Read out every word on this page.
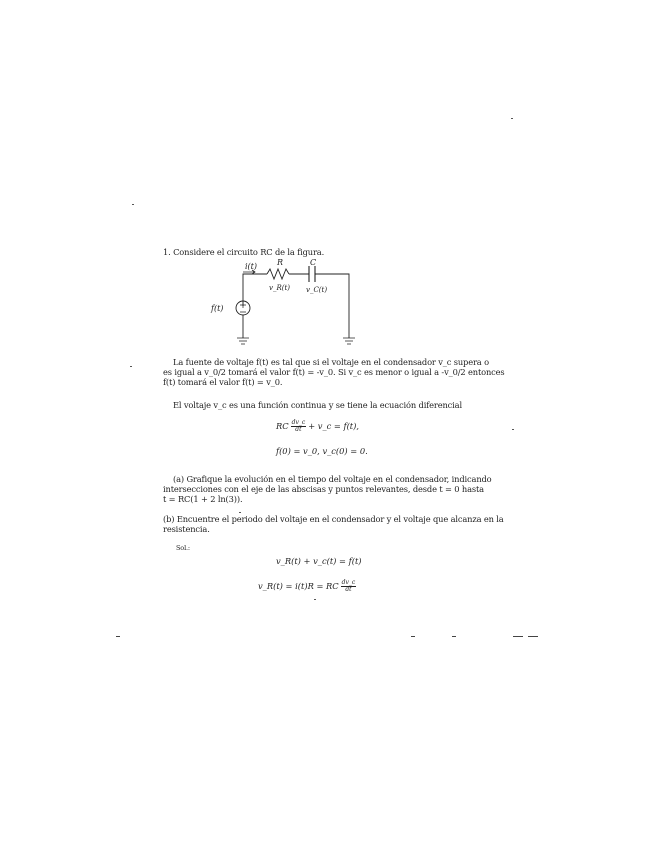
1. Considere el circuito RC de la figura.
i(t) R	C
v_R(t) v_C(t)
f(t)
La fuente de voltaje f(t) es tal que si el voltaje en el condensador v_c supera o
es igual a v_0/2 tomará el valor f(t) = -v_0. Si v_c es menor o igual a -v_0/2 entonces
f(t) tomará el valor f(t) = v_0.
El voltaje v_c es una función continua y se tiene la ecuación diferencial
RC $\frac{dv\_c}{dt}$ + v_c = f(t),
f(0) = v_0, v_c(0) = 0.
(a) Grafique la evolución en el tiempo del voltaje en el condensador, indicando
intersecciones con el eje de las abscisas y puntos relevantes, desde t = 0 hasta
t = RC(1 + 2 ln(3)).
(b) Encuentre el periodo del voltaje en el condensador y el voltaje que alcanza en la
resistencia.
Sol.:
v_R(t) + v_c(t) = f(t)
v_R(t) = i(t)R = RC $\frac{dv\_c}{dt}$
